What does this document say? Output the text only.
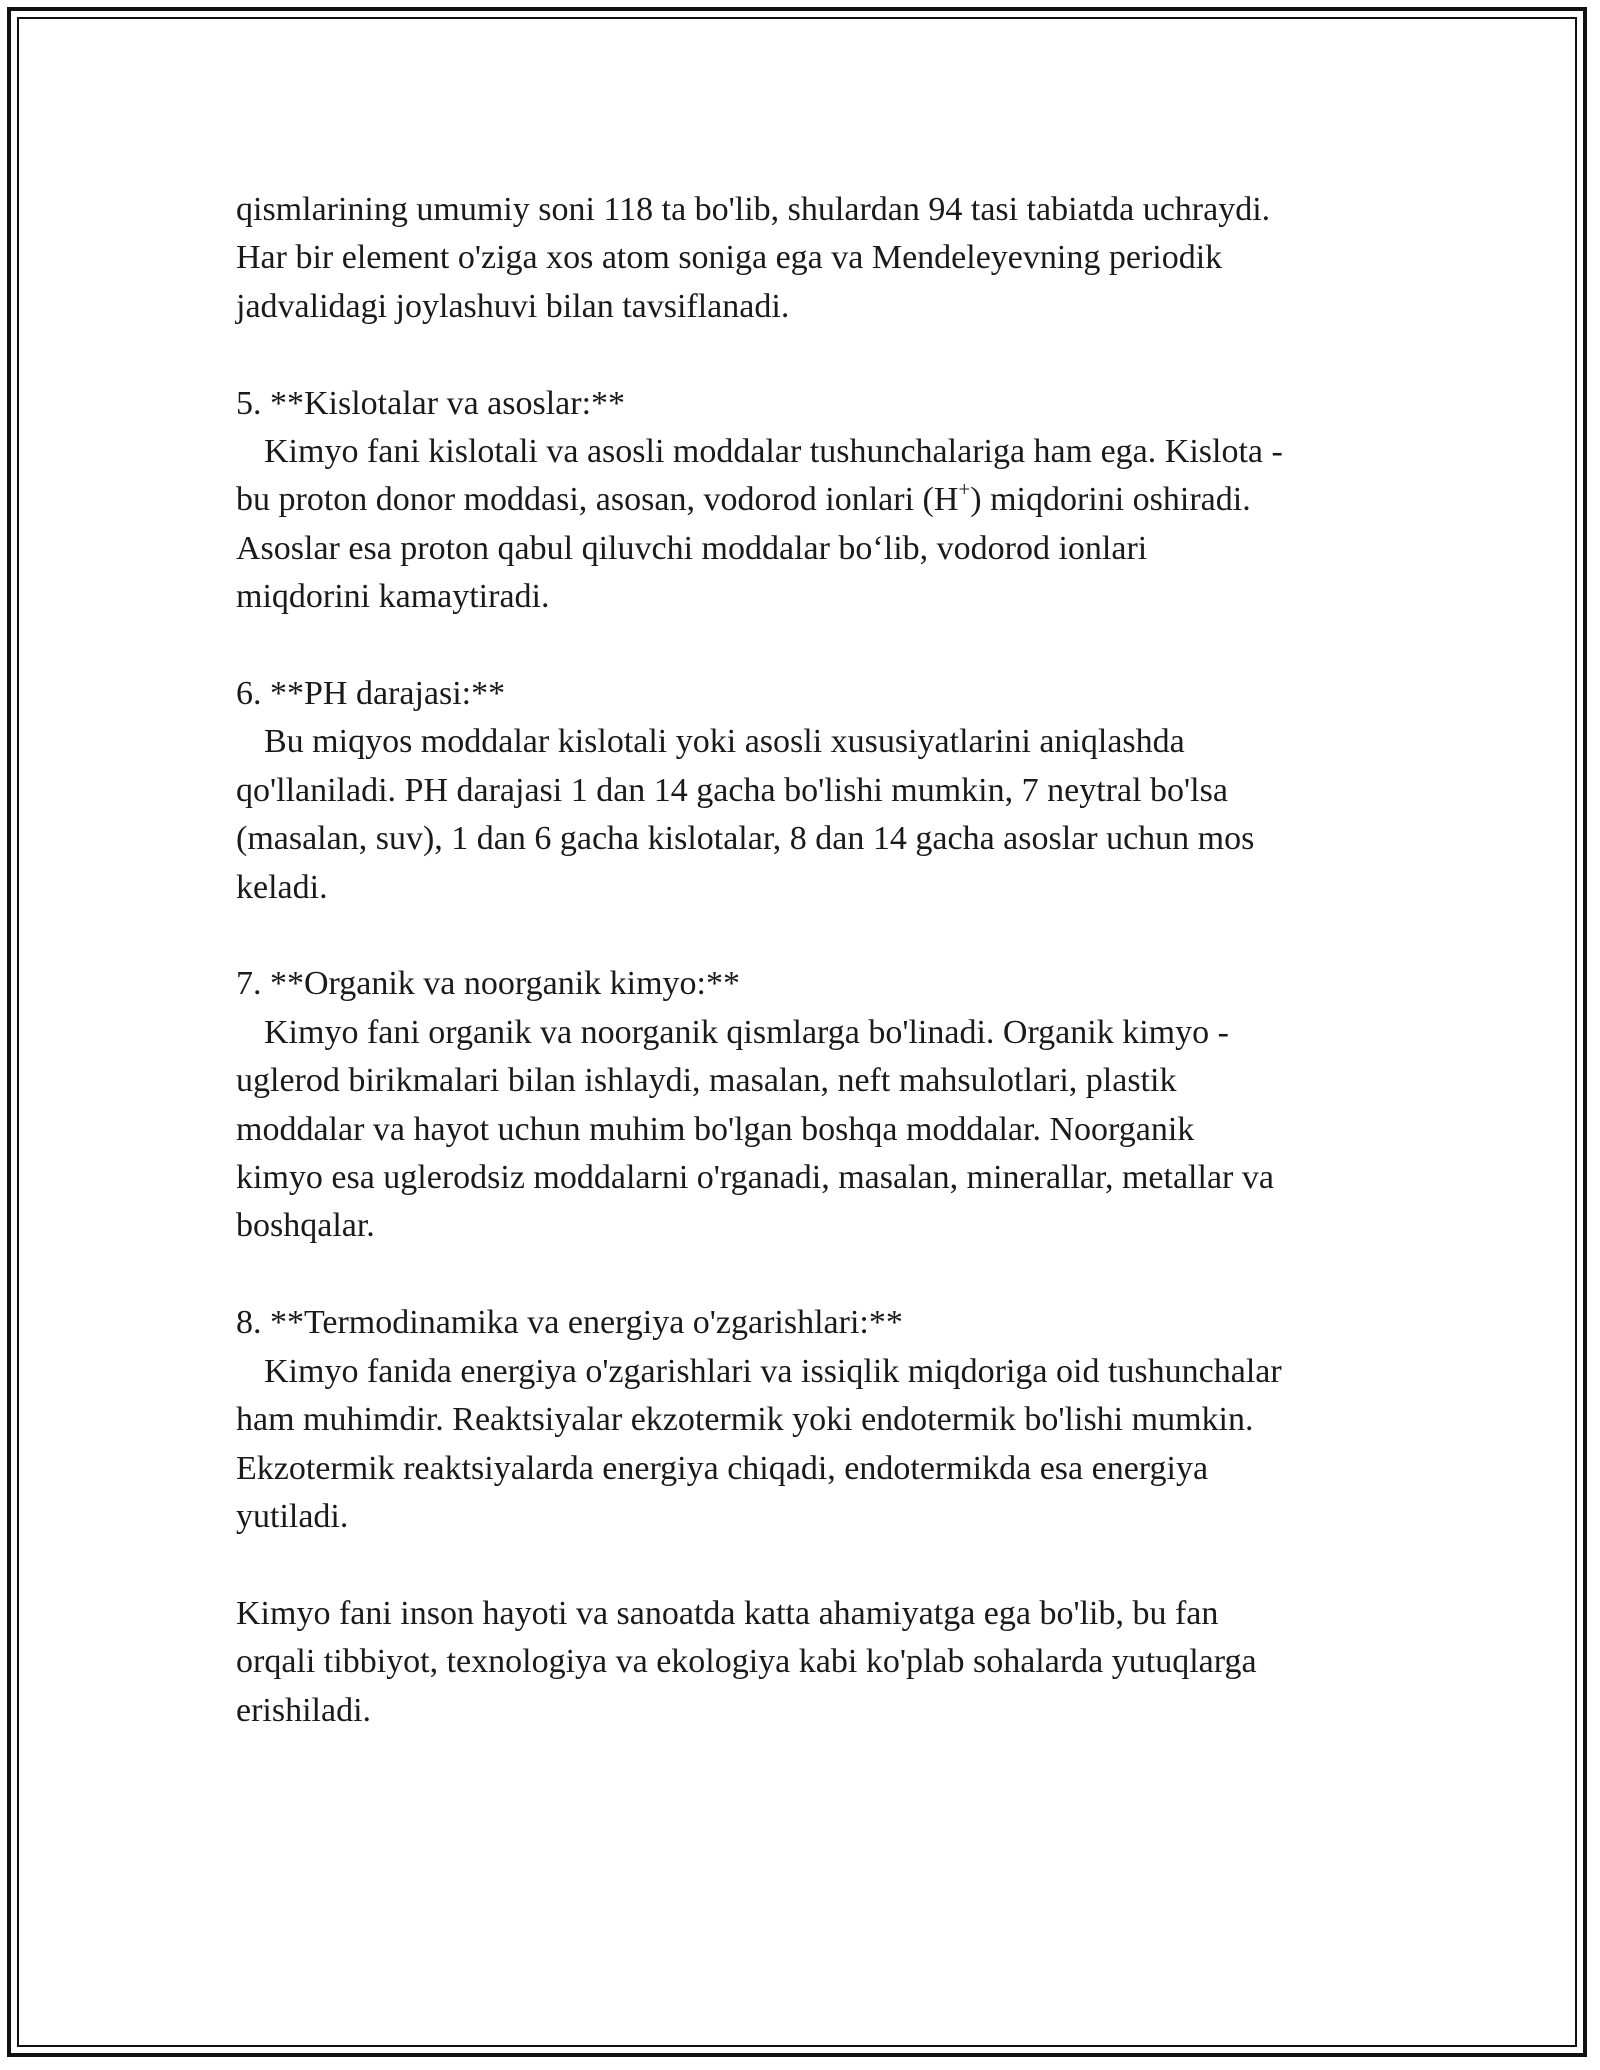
qismlarining umumiy soni 118 ta bo'lib, shulardan 94 tasi tabiatda uchraydi.

Har bir element o'ziga xos atom soniga ega va Mendeleyevning periodik

jadvalidagi joylashuvi bilan tavsiflanadi.

5. **Kislotalar va asoslar:**

Kimyo fani kislotali va asosli moddalar tushunchalariga ham ega. Kislota -

bu proton donor moddasi, asosan, vodorod ionlari (H+) miqdorini oshiradi.

Asoslar esa proton qabul qiluvchi moddalar bo‘lib, vodorod ionlari

miqdorini kamaytiradi.

6. **PH darajasi:**

Bu miqyos moddalar kislotali yoki asosli xususiyatlarini aniqlashda

qo'llaniladi. PH darajasi 1 dan 14 gacha bo'lishi mumkin, 7 neytral bo'lsa

(masalan, suv), 1 dan 6 gacha kislotalar, 8 dan 14 gacha asoslar uchun mos

keladi.

7. **Organik va noorganik kimyo:**

Kimyo fani organik va noorganik qismlarga bo'linadi. Organik kimyo -

uglerod birikmalari bilan ishlaydi, masalan, neft mahsulotlari, plastik

moddalar va hayot uchun muhim bo'lgan boshqa moddalar. Noorganik

kimyo esa uglerodsiz moddalarni o'rganadi, masalan, minerallar, metallar va

boshqalar.

8. **Termodinamika va energiya o'zgarishlari:**

Kimyo fanida energiya o'zgarishlari va issiqlik miqdoriga oid tushunchalar

ham muhimdir. Reaktsiyalar ekzotermik yoki endotermik bo'lishi mumkin.

Ekzotermik reaktsiyalarda energiya chiqadi, endotermikda esa energiya

yutiladi.

Kimyo fani inson hayoti va sanoatda katta ahamiyatga ega bo'lib, bu fan

orqali tibbiyot, texnologiya va ekologiya kabi ko'plab sohalarda yutuqlarga

erishiladi.
